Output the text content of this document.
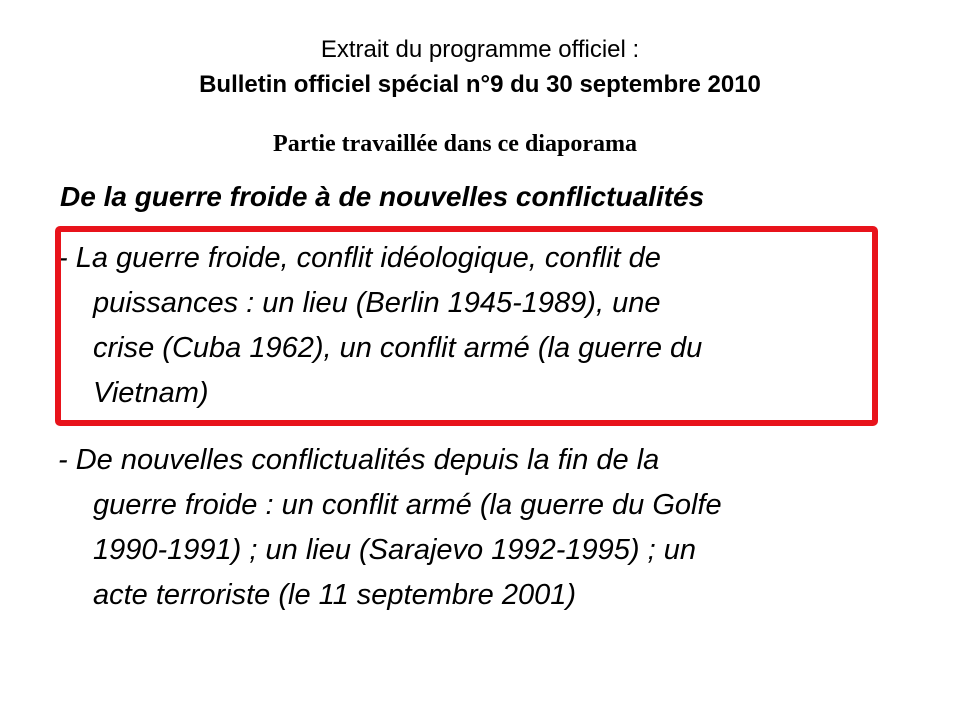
Extrait du programme officiel :
Bulletin officiel spécial n°9 du 30 septembre 2010
Partie travaillée dans ce diaporama
De la guerre froide à de nouvelles conflictualités
- La guerre froide, conflit idéologique, conflit de
puissances : un lieu (Berlin 1945-1989), une
crise (Cuba 1962), un conflit armé (la guerre du
Vietnam)
- De nouvelles conflictualités depuis la fin de la
guerre froide : un conflit armé (la guerre du Golfe
1990-1991) ; un lieu (Sarajevo 1992-1995) ; un
acte terroriste (le 11 septembre 2001)
